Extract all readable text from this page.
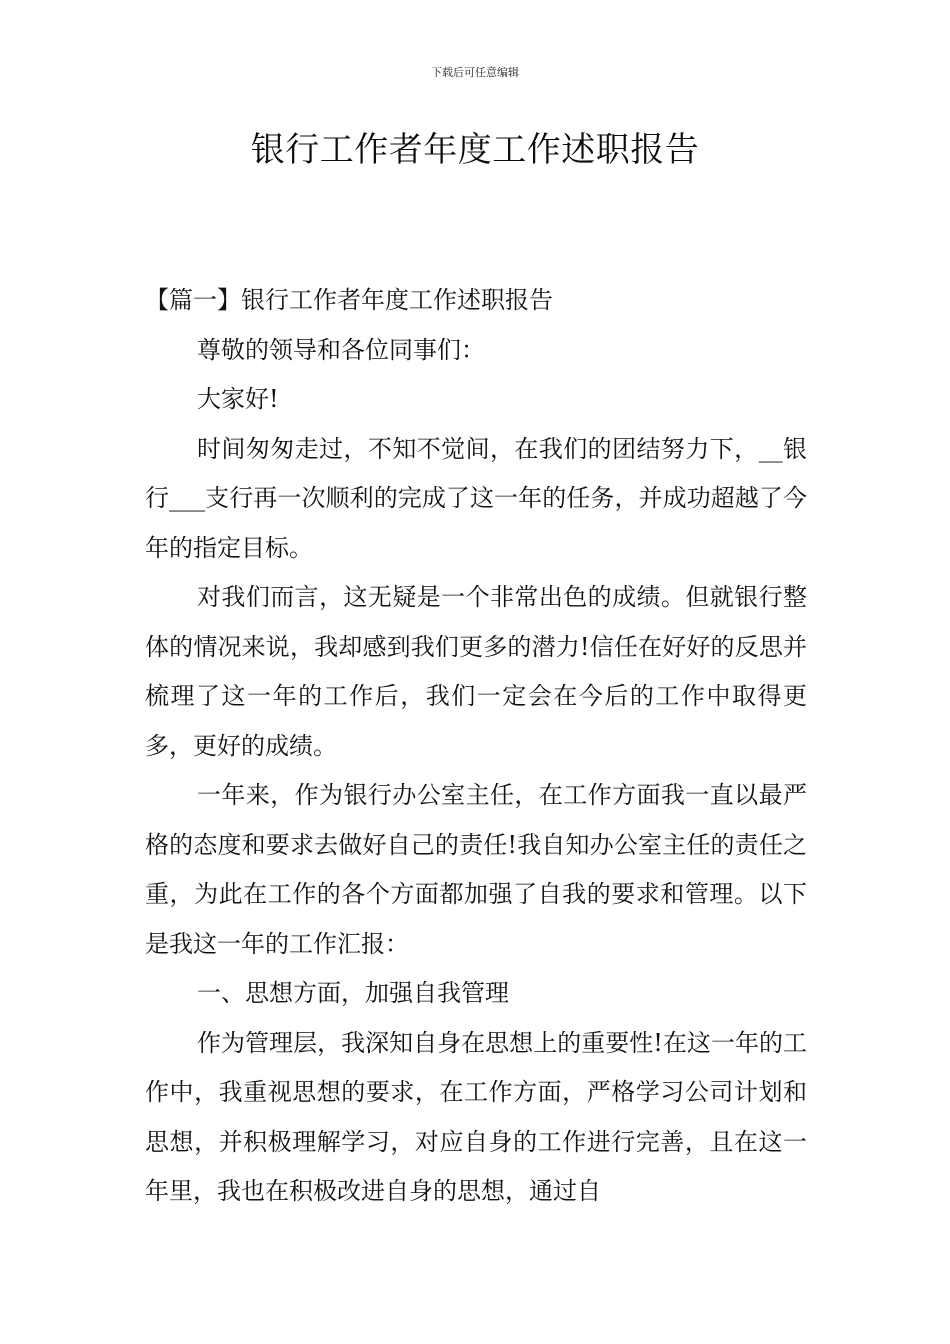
下载后可任意编辑
银行工作者年度工作述职报告

【篇一】银行工作者年度工作述职报告

尊敬的领导和各位同事们：

大家好!

时间匆匆走过，不知不觉间，在我们的团结努力下，__银行___支行再一次顺利的完成了这一年的任务，并成功超越了今年的指定目标。

对我们而言，这无疑是一个非常出色的成绩。但就银行整体的情况来说，我却感到我们更多的潜力!信任在好好的反思并梳理了这一年的工作后，我们一定会在今后的工作中取得更多，更好的成绩。

一年来，作为银行办公室主任，在工作方面我一直以最严格的态度和要求去做好自己的责任!我自知办公室主任的责任之重，为此在工作的各个方面都加强了自我的要求和管理。以下是我这一年的工作汇报：

一、思想方面，加强自我管理

作为管理层，我深知自身在思想上的重要性!在这一年的工作中，我重视思想的要求，在工作方面，严格学习公司计划和思想，并积极理解学习，对应自身的工作进行完善，且在这一年里，我也在积极改进自身的思想，通过自
